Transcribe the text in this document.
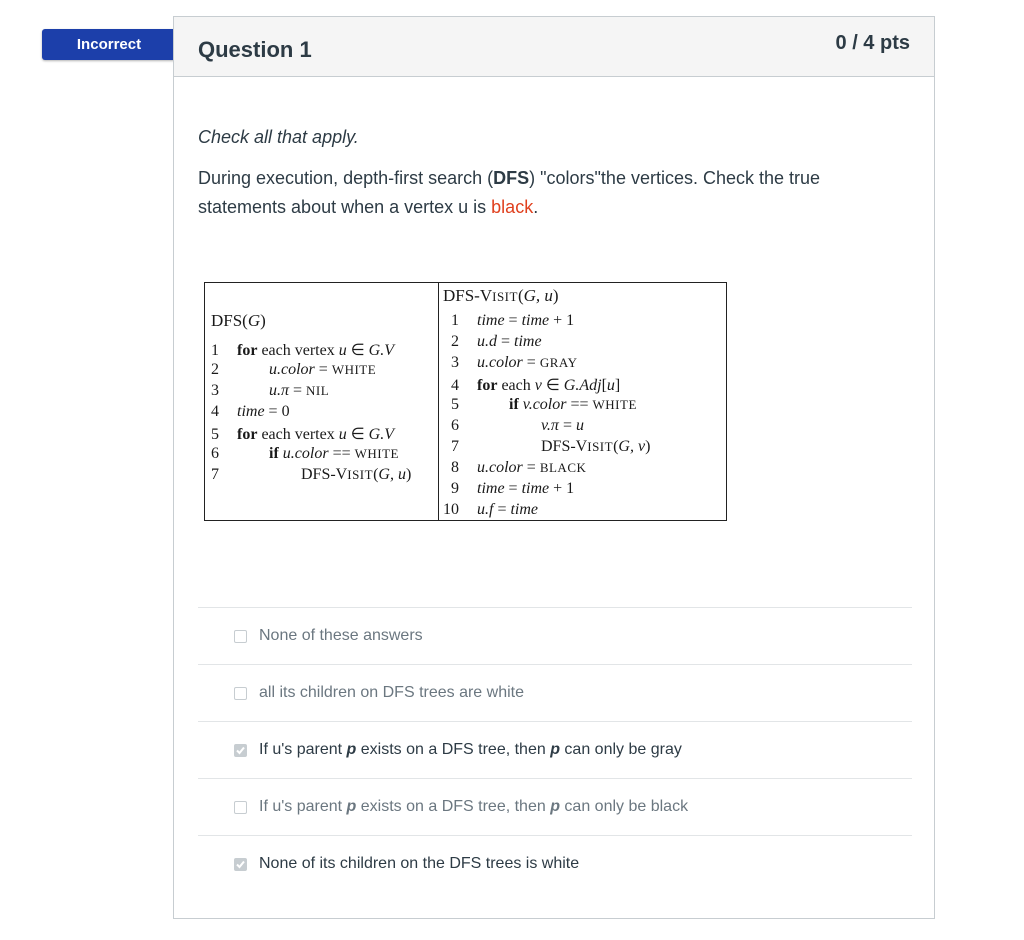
Incorrect	Question 1	0 / 4 pts
Check all that apply.
During execution, depth-first search (DFS) "colors"the vertices. Check the true statements about when a vertex u is black.
DFS(G)
1 for each vertex u ∈ G.V
2	u.color = WHITE
3	u.π = NIL
4 time = 0
5 for each vertex u ∈ G.V
6	if u.color == WHITE
7	DFS-VISIT(G, u)
DFS-VISIT(G, u)
1 time = time + 1
2 u.d = time
3 u.color = GRAY
4 for each v ∈ G.Adj[u]
5	if v.color == WHITE
6	v.π = u
7	DFS-VISIT(G, v)
8 u.color = BLACK
9 time = time + 1
10 u.f = time
None of these answers
all its children on DFS trees are white
If u's parent p exists on a DFS tree, then p can only be gray
If u's parent p exists on a DFS tree, then p can only be black
None of its children on the DFS trees is white
